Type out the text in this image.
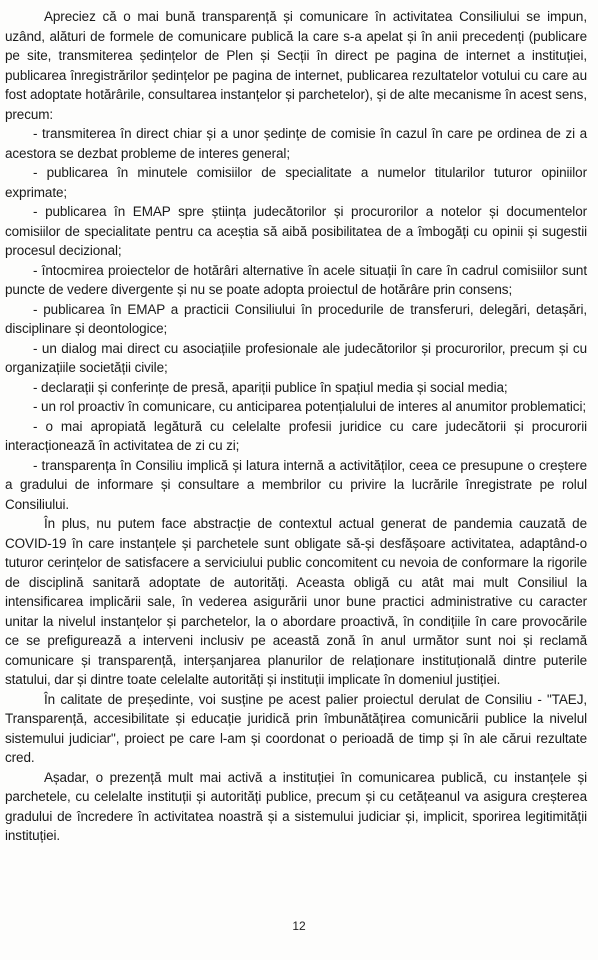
Apreciez că o mai bună transparență și comunicare în activitatea Consiliului se impun, uzând, alături de formele de comunicare publică la care s-a apelat și în anii precedenți (publicare pe site, transmiterea ședințelor de Plen și Secții în direct pe pagina de internet a instituției, publicarea înregistrărilor ședințelor pe pagina de internet, publicarea rezultatelor votului cu care au fost adoptate hotărârile, consultarea instanțelor și parchetelor), și de alte mecanisme în acest sens, precum:

- transmiterea în direct chiar și a unor ședințe de comisie în cazul în care pe ordinea de zi a acestora se dezbat probleme de interes general;

- publicarea în minutele comisiilor de specialitate a numelor titularilor tuturor opiniilor exprimate;

- publicarea în EMAP spre știința judecătorilor și procurorilor a notelor și documentelor comisiilor de specialitate pentru ca aceștia să aibă posibilitatea de a îmbogăți cu opinii și sugestii procesul decizional;

- întocmirea proiectelor de hotărâri alternative în acele situații în care în cadrul comisiilor sunt puncte de vedere divergente și nu se poate adopta proiectul de hotărâre prin consens;

- publicarea în EMAP a practicii Consiliului în procedurile de transferuri, delegări, detașări, disciplinare și deontologice;

- un dialog mai direct cu asociațiile profesionale ale judecătorilor și procurorilor, precum și cu organizațiile societății civile;

- declarații și conferințe de presă, apariții publice în spațiul media și social media;

- un rol proactiv în comunicare, cu anticiparea potențialului de interes al anumitor problematici;

- o mai apropiată legătură cu celelalte profesii juridice cu care judecătorii și procurorii interacționează în activitatea de zi cu zi;

- transparența în Consiliu implică și latura internă a activităților, ceea ce presupune o creștere a gradului de informare și consultare a membrilor cu privire la lucrările înregistrate pe rolul Consiliului.

În plus, nu putem face abstracție de contextul actual generat de pandemia cauzată de COVID-19 în care instanțele și parchetele sunt obligate să-și desfășoare activitatea, adaptând-o tuturor cerințelor de satisfacere a serviciului public concomitent cu nevoia de conformare la rigorile de disciplină sanitară adoptate de autorități. Aceasta obligă cu atât mai mult Consiliul la intensificarea implicării sale, în vederea asigurării unor bune practici administrative cu caracter unitar la nivelul instanțelor și parchetelor, la o abordare proactivă, în condițiile în care provocările ce se prefigurează a interveni inclusiv pe această zonă în anul următor sunt noi și reclamă comunicare și transparență, interșanjarea planurilor de relaționare instituțională dintre puterile statului, dar și dintre toate celelalte autorități și instituții implicate în domeniul justiției.

În calitate de președinte, voi susține pe acest palier proiectul derulat de Consiliu - "TAEJ, Transparență, accesibilitate și educație juridică prin îmbunătățirea comunicării publice la nivelul sistemului judiciar", proiect pe care l-am și coordonat o perioadă de timp și în ale cărui rezultate cred.

Așadar, o prezență mult mai activă a instituției în comunicarea publică, cu instanțele și parchetele, cu celelalte instituții și autorități publice, precum și cu cetățeanul va asigura creșterea gradului de încredere în activitatea noastră și a sistemului judiciar și, implicit, sporirea legitimității instituției.

12
